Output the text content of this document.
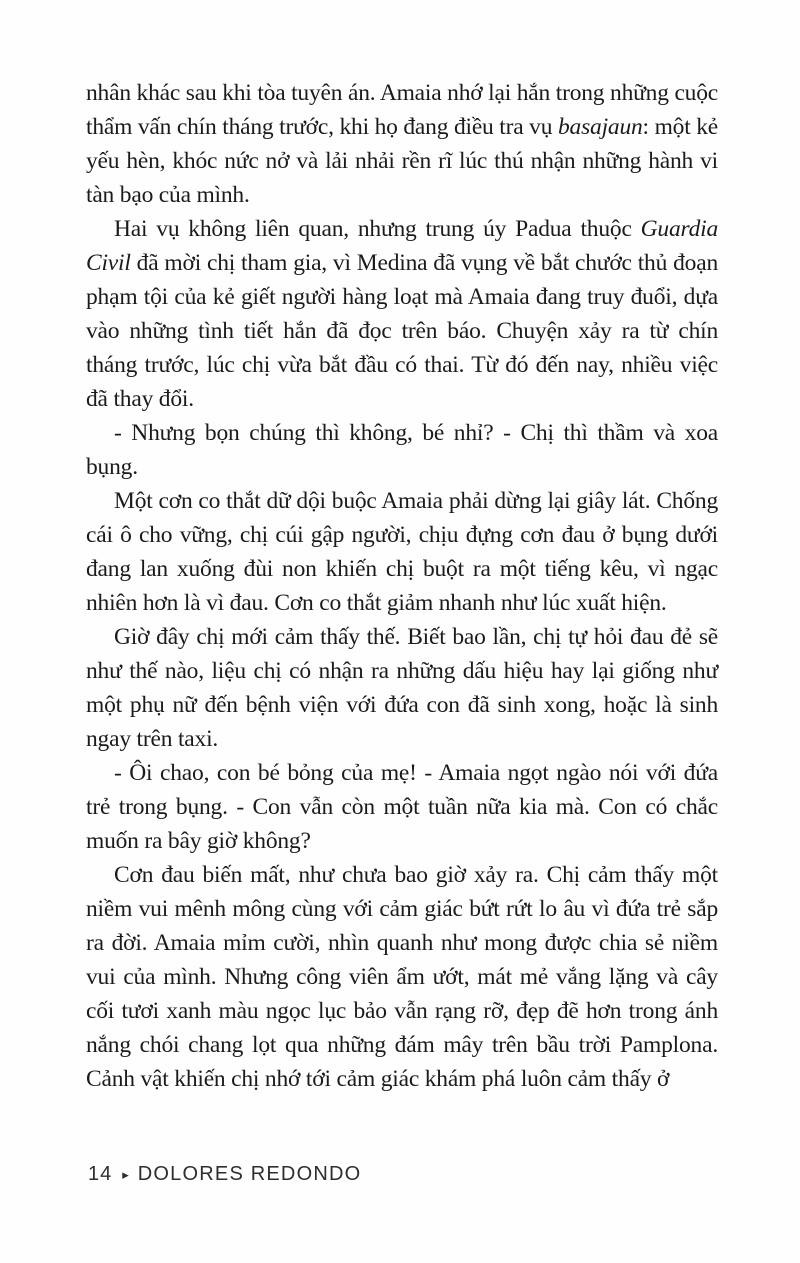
nhân khác sau khi tòa tuyên án. Amaia nhớ lại hắn trong những cuộc thẩm vấn chín tháng trước, khi họ đang điều tra vụ basajaun: một kẻ yếu hèn, khóc nức nở và lải nhải rền rĩ lúc thú nhận những hành vi tàn bạo của mình.

Hai vụ không liên quan, nhưng trung úy Padua thuộc Guardia Civil đã mời chị tham gia, vì Medina đã vụng về bắt chước thủ đoạn phạm tội của kẻ giết người hàng loạt mà Amaia đang truy đuổi, dựa vào những tình tiết hắn đã đọc trên báo. Chuyện xảy ra từ chín tháng trước, lúc chị vừa bắt đầu có thai. Từ đó đến nay, nhiều việc đã thay đổi.

- Nhưng bọn chúng thì không, bé nhỉ? - Chị thì thầm và xoa bụng.

Một cơn co thắt dữ dội buộc Amaia phải dừng lại giây lát. Chống cái ô cho vững, chị cúi gập người, chịu đựng cơn đau ở bụng dưới đang lan xuống đùi non khiến chị buột ra một tiếng kêu, vì ngạc nhiên hơn là vì đau. Cơn co thắt giảm nhanh như lúc xuất hiện.

Giờ đây chị mới cảm thấy thế. Biết bao lần, chị tự hỏi đau đẻ sẽ như thế nào, liệu chị có nhận ra những dấu hiệu hay lại giống như một phụ nữ đến bệnh viện với đứa con đã sinh xong, hoặc là sinh ngay trên taxi.

- Ôi chao, con bé bỏng của mẹ! - Amaia ngọt ngào nói với đứa trẻ trong bụng. - Con vẫn còn một tuần nữa kia mà. Con có chắc muốn ra bây giờ không?

Cơn đau biến mất, như chưa bao giờ xảy ra. Chị cảm thấy một niềm vui mênh mông cùng với cảm giác bứt rứt lo âu vì đứa trẻ sắp ra đời. Amaia mỉm cười, nhìn quanh như mong được chia sẻ niềm vui của mình. Nhưng công viên ẩm ướt, mát mẻ vắng lặng và cây cối tươi xanh màu ngọc lục bảo vẫn rạng rỡ, đẹp đẽ hơn trong ánh nắng chói chang lọt qua những đám mây trên bầu trời Pamplona. Cảnh vật khiến chị nhớ tới cảm giác khám phá luôn cảm thấy ở

14 ▸ DOLORES REDONDO
